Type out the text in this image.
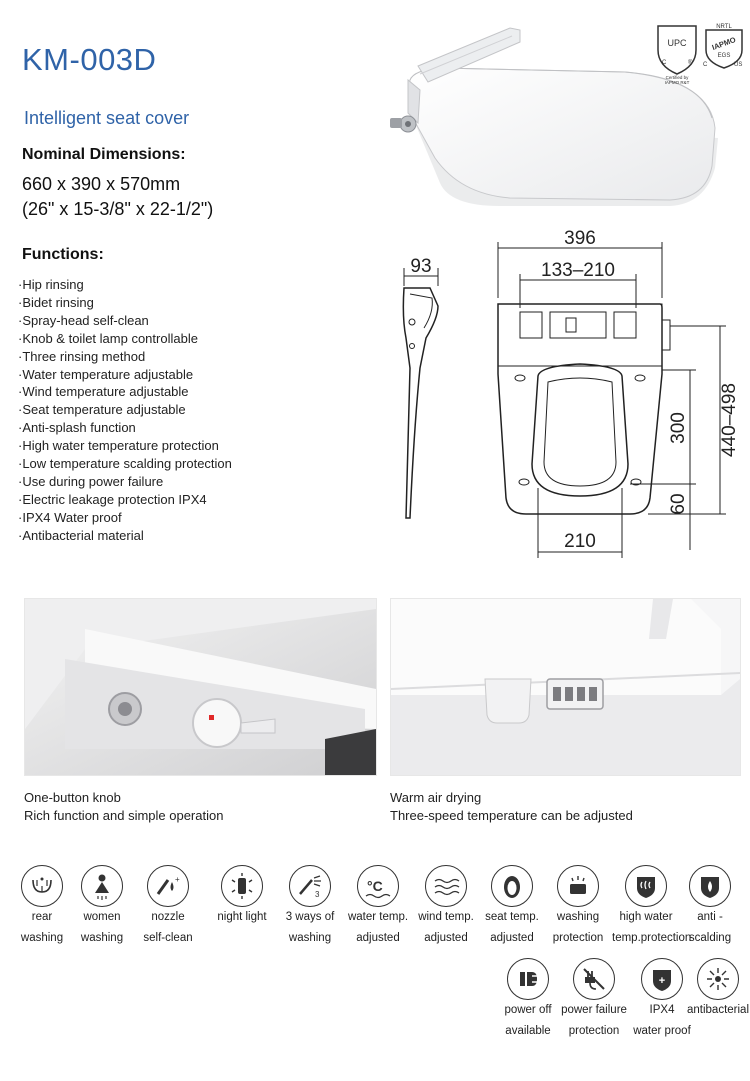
KM-003D
Intelligent seat cover
Nominal Dimensions:
660 x 390 x 570mm
(26" x 15-3/8" x 22-1/2")
Functions:
·Hip rinsing
·Bidet rinsing
·Spray-head self-clean
·Knob & toilet lamp controllable
·Three rinsing method
·Water temperature adjustable
·Wind temperature adjustable
·Seat temperature adjustable
·Anti-splash function
·High water temperature protection
·Low temperature scalding protection
·Use during power failure
·Electric leakage protection IPX4
·IPX4 Water proof
·Antibacterial material
UPC
C	®
Certified by
IAPMO R&T
NRTL
IAPMO
EGS
C	US
93
396
133–210
210
300 440–498
60
One-button knob
Rich function and simple operation
Warm air drying
Three-speed temperature can be adjusted
rear
washing
women
washing
+
nozzle
self-clean
night light
3
3 ways of
washing
°C
water temp.
adjusted
wind temp.
adjusted
seat temp.
adjusted
washing
protection
high water
temp.protection
anti -
scalding
power off
available
power failure
protection
+
IPX4
water proof
antibacterial
